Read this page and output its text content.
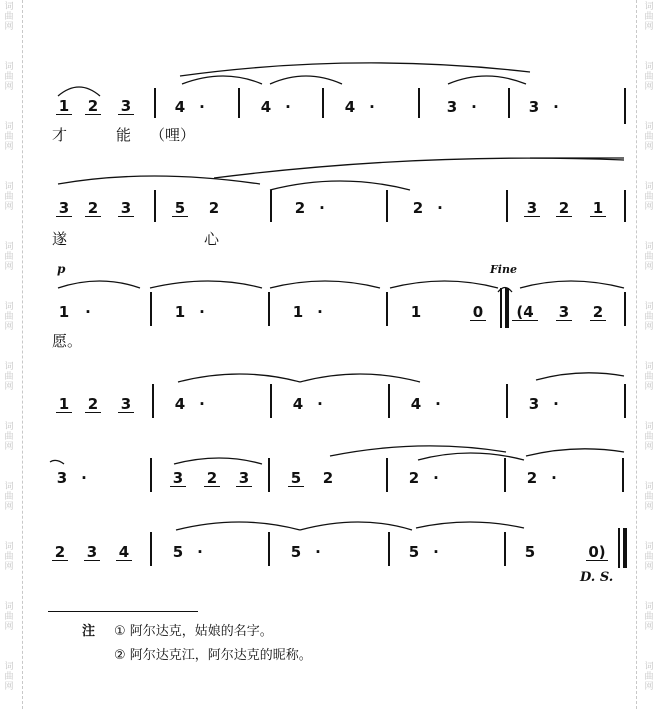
词曲网
词曲网
词曲网
词曲网
词曲网
词曲网
词曲网
词曲网
词曲网
词曲网
词曲网
词曲网
词曲网
词曲网
词曲网
词曲网
词曲网
词曲网
词曲网
词曲网
词曲网
词曲网
词曲网
词曲网
1 2 3	4 ·	4 ·	4 ·	3 ·	3 ·
才	能 （哩）
3 2 3	5 2	2 ·	2 ·	3 2 1
遂	心
p	Fine
1	·	1 ·	1 ·	1	0 (4 3 2
愿。
1 2 3	4 ·	4 ·	4 ·	3 ·
3 ·	3 2 3	5 2	2 ·	2 ·
2 3 4	5 ·	5 ·	5 ·	5	0)
D. S.
注 ① 阿尔达克，姑娘的名字。
② 阿尔达克江，阿尔达克的昵称。
